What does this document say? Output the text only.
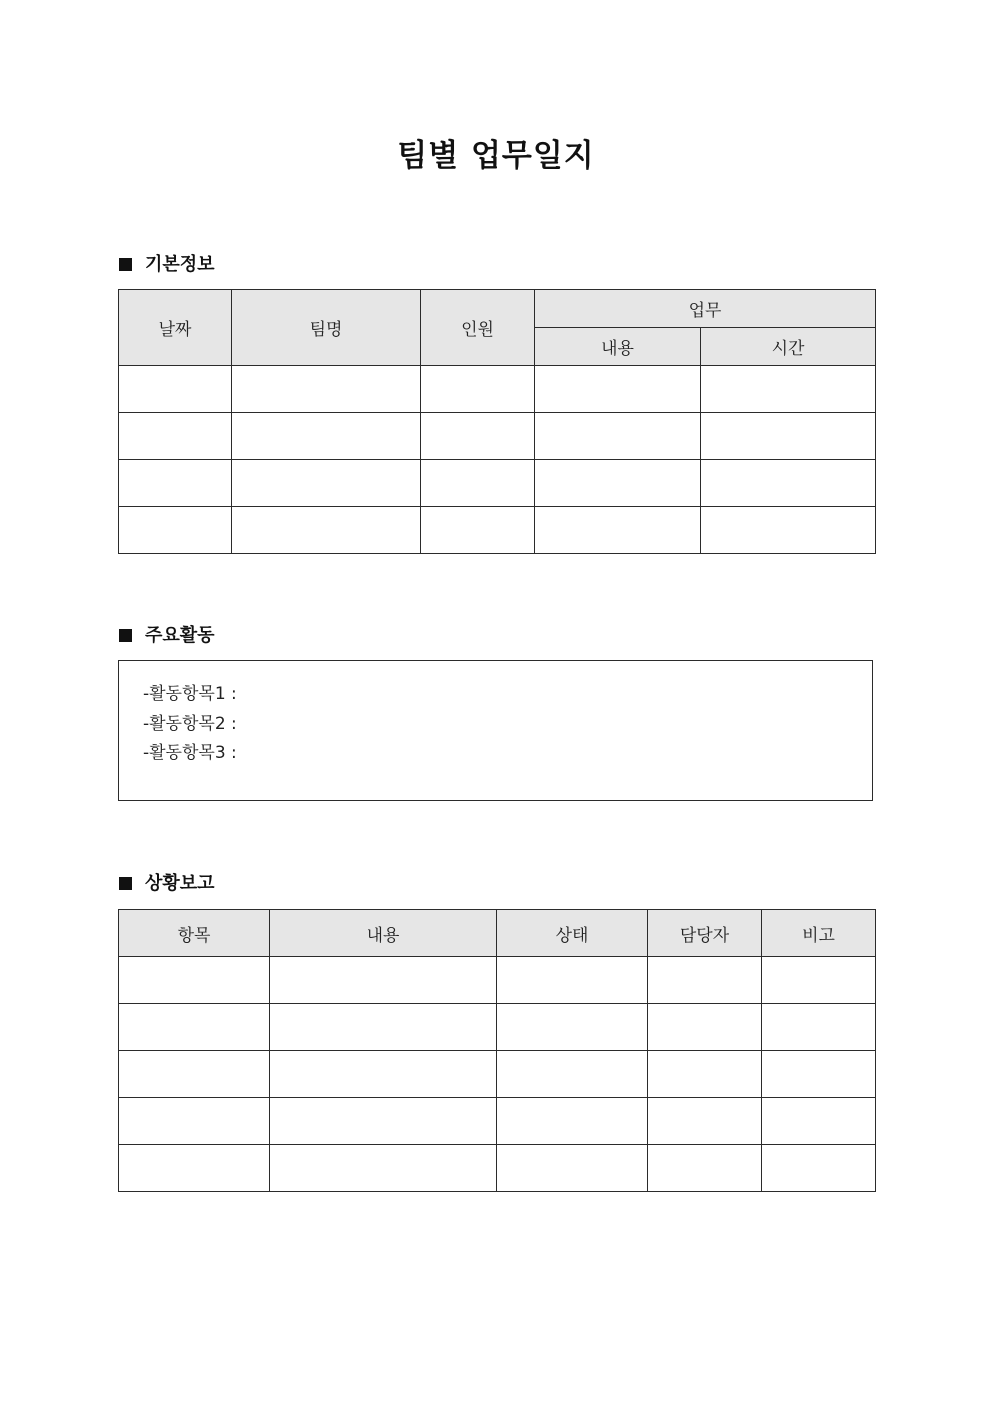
팀별 업무일지
기본정보
날짜	팀명	인원	업무	
			내용	시간

주요활동
-활동항목1 :
-활동항목2 :
-활동항목3 :
상황보고
항목	내용	상태	담당자	비고
